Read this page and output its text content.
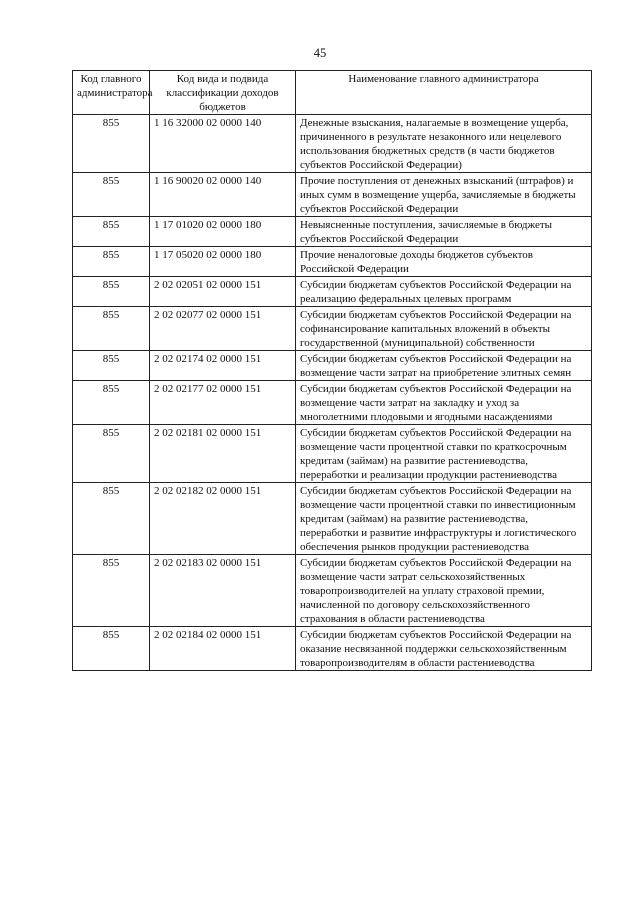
45
Код главного администратора	Код вида и подвида классификации доходов бюджетов	Наименование главного администратора
855	1 16 32000 02 0000 140	Денежные взыскания, налагаемые в возмещение ущерба, причиненного в результате незаконного или нецелевого использования бюджетных средств (в части бюджетов субъектов Российской Федерации)
855	1 16 90020 02 0000 140	Прочие поступления от денежных взысканий (штрафов) и иных сумм в возмещение ущерба, зачисляемые в бюджеты субъектов Российской Федерации
855	1 17 01020 02 0000 180	Невыясненные поступления, зачисляемые в бюджеты субъектов Российской Федерации
855	1 17 05020 02 0000 180	Прочие неналоговые доходы бюджетов субъектов Российской Федерации
855	2 02 02051 02 0000 151	Субсидии бюджетам субъектов Российской Федерации на реализацию федеральных целевых программ
855	2 02 02077 02 0000 151	Субсидии бюджетам субъектов Российской Федерации на софинансирование капитальных вложений в объекты государственной (муниципальной) собственности
855	2 02 02174 02 0000 151	Субсидии бюджетам субъектов Российской Федерации на возмещение части затрат на приобретение элитных семян
855	2 02 02177 02 0000 151	Субсидии бюджетам субъектов Российской Федерации на возмещение части затрат на закладку и уход за многолетними плодовыми и ягодными насаждениями
855	2 02 02181 02 0000 151	Субсидии бюджетам субъектов Российской Федерации на возмещение части процентной ставки по краткосрочным кредитам (займам) на развитие растениеводства, переработки и реализации продукции растениеводства
855	2 02 02182 02 0000 151	Субсидии бюджетам субъектов Российской Федерации на возмещение части процентной ставки по инвестиционным кредитам (займам) на развитие растениеводства, переработки и развитие инфраструктуры и логистического обеспечения рынков продукции растениеводства
855	2 02 02183 02 0000 151	Субсидии бюджетам субъектов Российской Федерации на возмещение части затрат сельскохозяйственных товаропроизводителей на уплату страховой премии, начисленной по договору сельскохозяйственного страхования в области растениеводства
855	2 02 02184 02 0000 151	Субсидии бюджетам субъектов Российской Федерации на оказание несвязанной поддержки сельскохозяйственным товаропроизводителям в области растениеводства
